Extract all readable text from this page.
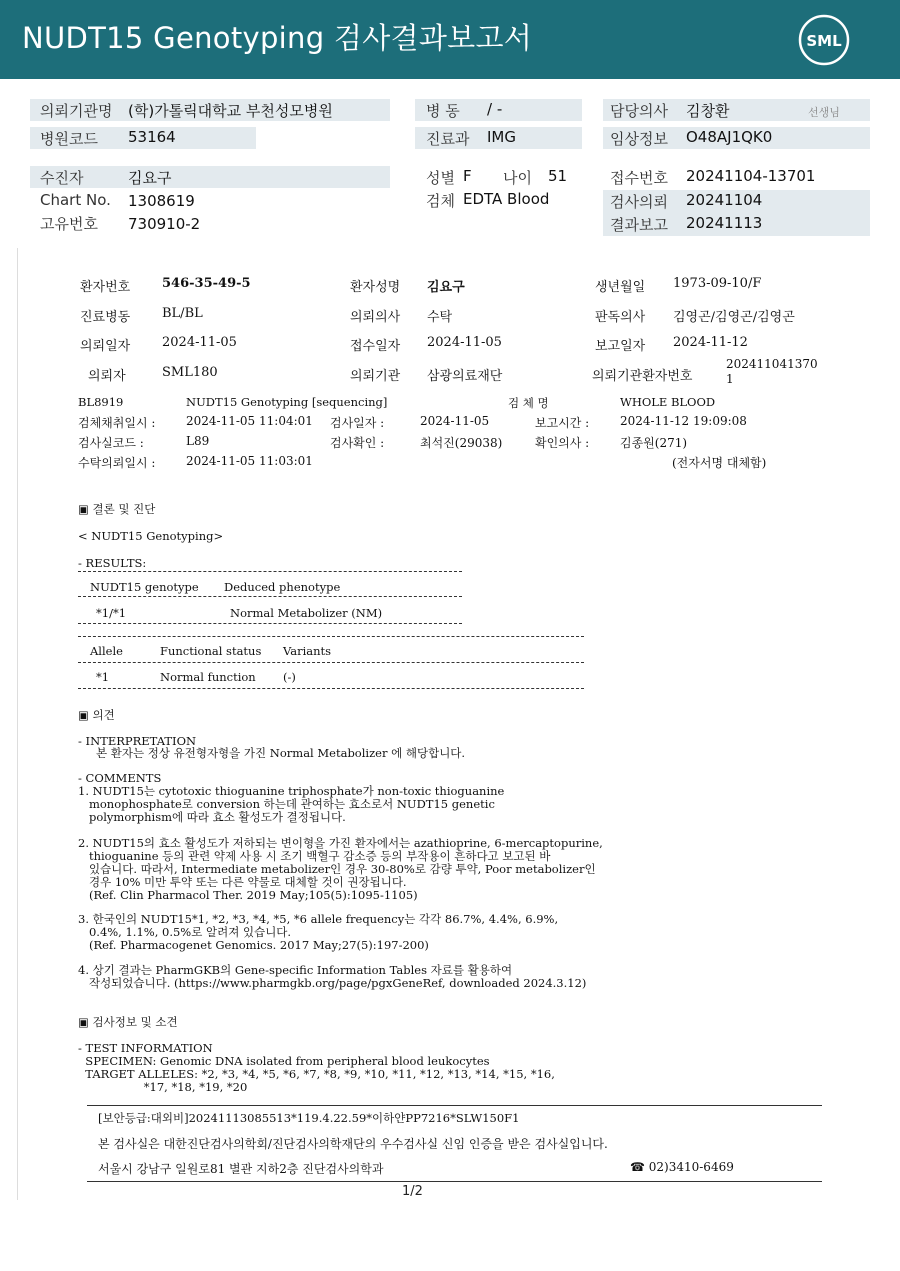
NUDT15 Genotyping 검사결과보고서	SML
의뢰기관명 (학)가톨릭대학교 부천성모병원
병원코드 53164
병 동 / -
진료과 IMG
담당의사 김창환	선생님
임상정보 O48AJ1QK0
수진자	김요구
Chart No. 1308619
고유번호 730910-2
성별 F 나이 51
검체 EDTA Blood
접수번호 20241104-13701
검사의뢰 20241104
결과보고 20241113
환자번호 546-35-49-5	환자성명 김요구	생년월일 1973-09-10/F
진료병동 BL/BL	의뢰의사 수탁	판독의사 김영곤/김영곤/김영곤
의뢰일자 2024-11-05	접수일자 2024-11-05	보고일자 2024-11-12
의뢰자	SML180	의뢰기관 삼광의료재단	의뢰기관환자번호
202411041370
1
BL8919	NUDT15 Genotyping [sequencing]	검 체 명	WHOLE BLOOD
검체채취일시 :	2024-11-05 11:04:01 검사일자 :	2024-11-05	보고시간 :	2024-11-12 19:09:08
검사실코드 :	L89	검사확인 :	최석진(29038)	확인의사 :	김종원(271)
수탁의뢰일시 :	2024-11-05 11:03:01	(전자서명 대체함)
▣ 결론 및 진단
< NUDT15 Genotyping>
- RESULTS:
NUDT15 genotype Deduced phenotype
*1/*1	Normal Metabolizer (NM)
Allele	Functional status Variants
*1	Normal function (-)
▣ 의견
- INTERPRETATION
본 환자는 정상 유전형자형을 가진 Normal Metabolizer 에 해당합니다.
- COMMENTS
1. NUDT15는 cytotoxic thioguanine triphosphate가 non-toxic thioguanine
monophosphate로 conversion 하는데 관여하는 효소로서 NUDT15 genetic
polymorphism에 따라 효소 활성도가 결정됩니다.
2. NUDT15의 효소 활성도가 저하되는 변이형을 가진 환자에서는 azathioprine, 6-mercaptopurine,
thioguanine 등의 관련 약제 사용 시 조기 백혈구 감소증 등의 부작용이 흔하다고 보고된 바
있습니다. 따라서, Intermediate metabolizer인 경우 30-80%로 감량 투약, Poor metabolizer인
경우 10% 미만 투약 또는 다른 약물로 대체할 것이 권장됩니다.
(Ref. Clin Pharmacol Ther. 2019 May;105(5):1095-1105)
3. 한국인의 NUDT15*1, *2, *3, *4, *5, *6 allele frequency는 각각 86.7%, 4.4%, 6.9%,
0.4%, 1.1%, 0.5%로 알려져 있습니다.
(Ref. Pharmacogenet Genomics. 2017 May;27(5):197-200)
4. 상기 결과는 PharmGKB의 Gene-specific Information Tables 자료를 활용하여
작성되었습니다. (https://www.pharmgkb.org/page/pgxGeneRef, downloaded 2024.3.12)
▣ 검사정보 및 소견
- TEST INFORMATION
SPECIMEN: Genomic DNA isolated from peripheral blood leukocytes
TARGET ALLELES: *2, *3, *4, *5, *6, *7, *8, *9, *10, *11, *12, *13, *14, *15, *16,
*17, *18, *19, *20
[보안등급:대외비]20241113085513*119.4.22.59*이하얀PP7216*SLW150F1
본 검사실은 대한진단검사의학회/진단검사의학재단의 우수검사실 신임 인증을 받은 검사실입니다.
서울시 강남구 일원로81 별관 지하2층 진단검사의학과	☎ 02)3410-6469
1/2
